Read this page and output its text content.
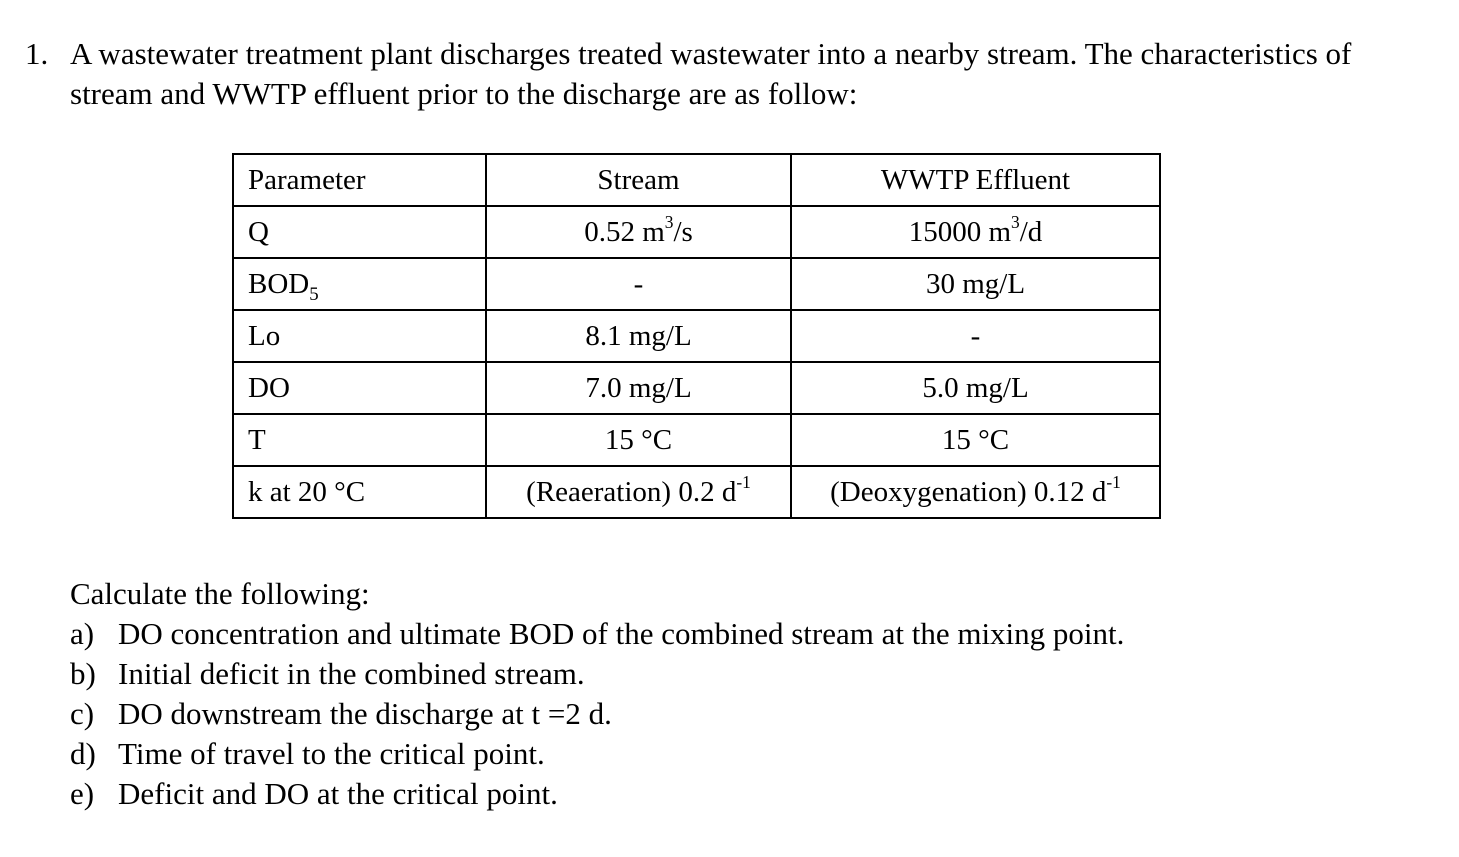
1. A wastewater treatment plant discharges treated wastewater into a nearby stream. The characteristics of
stream and WWTP effluent prior to the discharge are as follow:
Parameter	Stream	WWTP Effluent
Q	0.52 $m^3/s$	15000 $m^3/d$
$BOD_5$	-	30 mg/L
Lo	8.1 mg/L	-
DO	7.0 mg/L	5.0 mg/L
T	15 °C	15 °C
k at 20 °C	(Reaeration) 0.2 $d^{-1}$	(Deoxygenation) 0.12 $d^{-1}$
Calculate the following:
a) DO concentration and ultimate BOD of the combined stream at the mixing point.
b) Initial deficit in the combined stream.
c) DO downstream the discharge at t =2 d.
d) Time of travel to the critical point.
e) Deficit and DO at the critical point.
